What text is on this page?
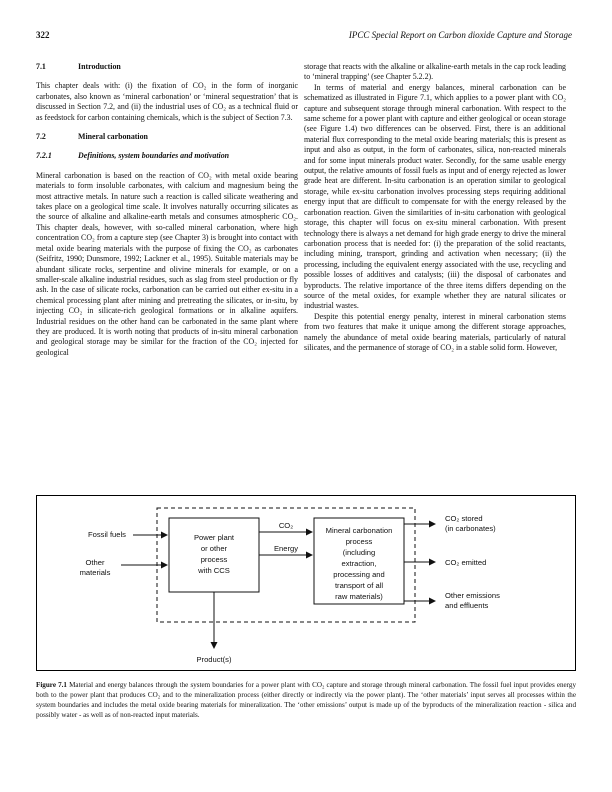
322	IPCC Special Report on Carbon dioxide Capture and Storage
7.1	Introduction

This chapter deals with: (i) the fixation of CO₂ in the form of inorganic carbonates, also known as ‘mineral carbonation’ or ‘mineral sequestration’ that is discussed in Section 7.2, and (ii) the industrial uses of CO₂ as a technical fluid or as feedstock for carbon containing chemicals, which is the subject of Section 7.3.

7.2	Mineral carbonation
7.2.1	Definitions, system boundaries and motivation

Mineral carbonation is based on the reaction of CO₂ with metal oxide bearing materials to form insoluble carbonates, with calcium and magnesium being the most attractive metals. In nature such a reaction is called silicate weathering and takes place on a geological time scale. It involves naturally occurring silicates as the source of alkaline and alkaline-earth metals and consumes atmospheric CO₂. This chapter deals, however, with so-called mineral carbonation, where high concentration CO₂ from a capture step (see Chapter 3) is brought into contact with metal oxide bearing materials with the purpose of fixing the CO₂ as carbonates (Seifritz, 1990; Dunsmore, 1992; Lackner et al., 1995). Suitable materials may be abundant silicate rocks, serpentine and olivine minerals for example, or on a smaller-scale alkaline industrial residues, such as slag from steel production or fly ash. In the case of silicate rocks, carbonation can be carried out either ex-situ in a chemical processing plant after mining and pretreating the silicates, or in-situ, by injecting CO₂ in silicate-rich geological formations or in alkaline aquifers. Industrial residues on the other hand can be carbonated in the same plant where they are produced. It is worth noting that products of in-situ mineral carbonation and geological storage may be similar for the fraction of the CO₂ injected for geological

storage that reacts with the alkaline or alkaline-earth metals in the cap rock leading to ‘mineral trapping’ (see Chapter 5.2.2).

In terms of material and energy balances, mineral carbonation can be schematized as illustrated in Figure 7.1, which applies to a power plant with CO₂ capture and subsequent storage through mineral carbonation. With respect to the same scheme for a power plant with capture and either geological or ocean storage (see Figure 1.4) two differences can be observed. First, there is an additional material flux corresponding to the metal oxide bearing materials; this is present as input and also as output, in the form of carbonates, silica, non-reacted minerals and for some input minerals product water. Secondly, for the same usable energy output, the relative amounts of fossil fuels as input and of energy rejected as lower grade heat are different. In-situ carbonation is an operation similar to geological storage, while ex-situ carbonation involves processing steps requiring additional energy input that are difficult to compensate for with the energy released by the carbonation reaction. Given the similarities of in-situ carbonation with geological storage, this chapter will focus on ex-situ mineral carbonation. With present technology there is always a net demand for high grade energy to drive the mineral carbonation process that is needed for: (i) the preparation of the solid reactants, including mining, transport, grinding and activation when necessary; (ii) the processing, including the equivalent energy associated with the use, recycling and possible losses of additives and catalysts; (iii) the disposal of carbonates and byproducts. The relative importance of the three items differs depending on the source of the metal oxides, for example whether they are natural silicates or industrial wastes.

Despite this potential energy penalty, interest in mineral carbonation stems from two features that make it unique among the different storage approaches, namely the abundance of metal oxide bearing materials, particularly of natural silicates, and the permanence of storage of CO₂ in a stable solid form. However,

Fossil fuels
Other
materials
Power plant
or other
process
with CCS
CO₂
Energy
Mineral carbonation
process
(including
extraction,
processing and
transport of all
raw materials)
CO₂ stored
(in carbonates)
CO₂ emitted
Other emissions
and effluents
Product(s)
Figure 7.1 Material and energy balances through the system boundaries for a power plant with CO₂ capture and storage through mineral carbonation. The fossil fuel input provides energy both to the power plant that produces CO₂ and to the mineralization process (either directly or indirectly via the power plant). The ‘other materials’ input serves all processes within the system boundaries and includes the metal oxide bearing materials for mineralization. The ‘other emissions’ output is made up of the byproducts of the mineralization reaction - silica and possibly water - as well as of non-reacted input materials.
